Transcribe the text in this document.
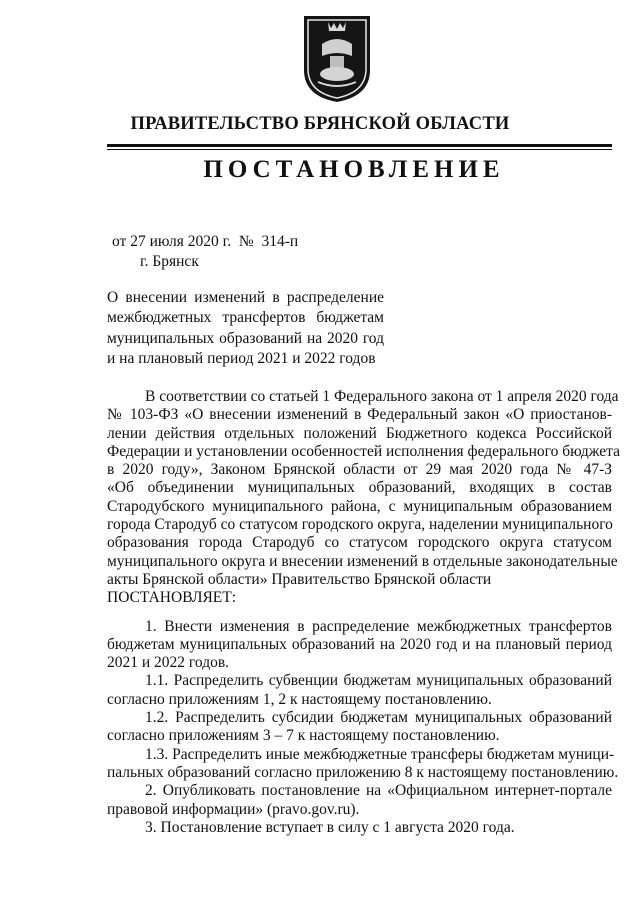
ПРАВИТЕЛЬСТВО БРЯНСКОЙ ОБЛАСТИ
ПОСТАНОВЛЕНИЕ
от 27 июля 2020 г.  №  314-п
г. Брянск
О внесении изменений в распределение
межбюджетных трансфертов бюджетам
муниципальных образований на 2020 год
и на плановый период 2021 и 2022 годов
В соответствии со статьей 1 Федерального закона от 1 апреля 2020 года
№ 103-ФЗ «О внесении изменений в Федеральный закон «О приостанов-
лении действия отдельных положений Бюджетного кодекса Российской
Федерации и установлении особенностей исполнения федерального бюджета
в 2020 году», Законом Брянской области от 29 мая 2020 года № 47-З
«Об объединении муниципальных образований, входящих в состав
Стародубского муниципального района, с муниципальным образованием
города Стародуб со статусом городского округа, наделении муниципального
образования города Стародуб со статусом городского округа статусом
муниципального округа и внесении изменений в отдельные законодательные
акты Брянской области» Правительство Брянской области
ПОСТАНОВЛЯЕТ:
1. Внести изменения в распределение межбюджетных трансфертов
бюджетам муниципальных образований на 2020 год и на плановый период
2021 и 2022 годов.
1.1. Распределить субвенции бюджетам муниципальных образований
согласно приложениям 1, 2 к настоящему постановлению.
1.2. Распределить субсидии бюджетам муниципальных образований
согласно приложениям 3 – 7 к настоящему постановлению.
1.3. Распределить иные межбюджетные трансферы бюджетам муници-
пальных образований согласно приложению 8 к настоящему постановлению.
2. Опубликовать постановление на «Официальном интернет-портале
правовой информации» (pravo.gov.ru).
3. Постановление вступает в силу с 1 августа 2020 года.
